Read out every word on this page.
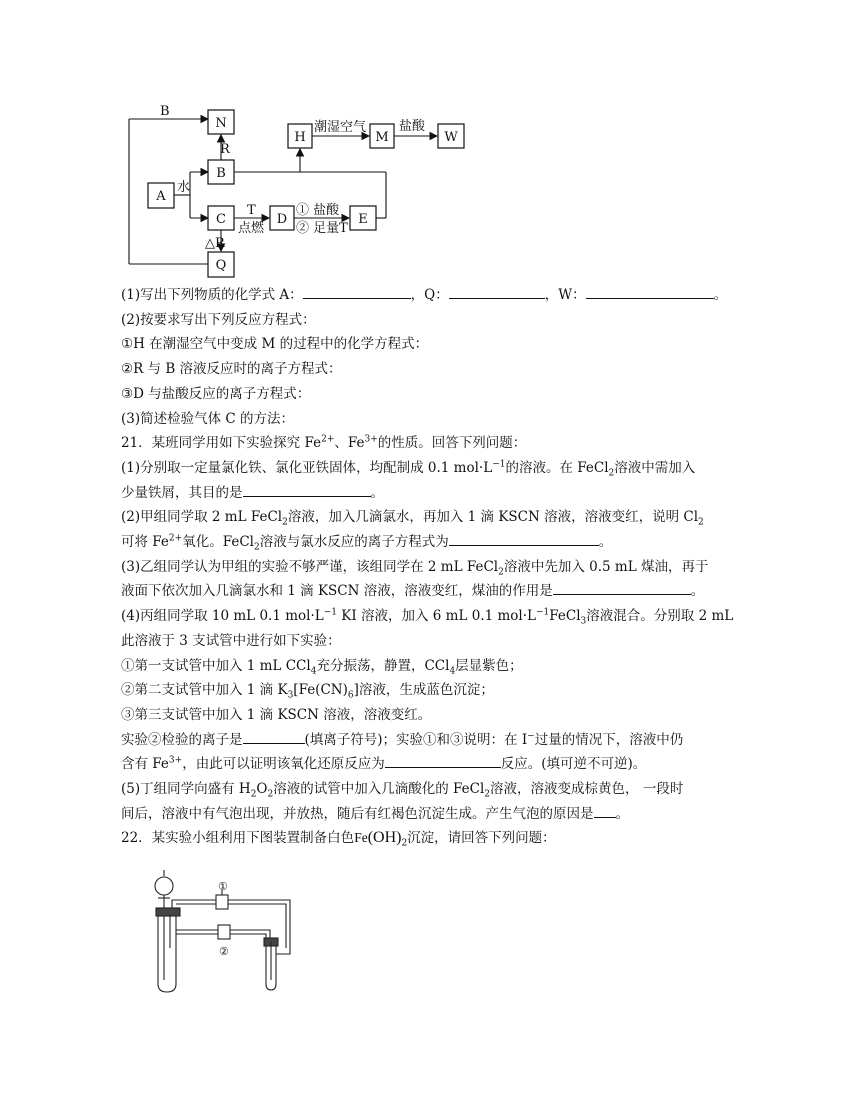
N
B
A
C
Q
H	M	W
D	E
B
R
水
潮湿空气	盐酸
T
点燃
① 盐酸
② 足量T
△R
(1)写出下列物质的化学式 A：	，Q：	，W：	。
(2)按要求写出下列反应方程式：
①H 在潮湿空气中变成 M 的过程中的化学方程式：
②R 与 B 溶液反应时的离子方程式：
③D 与盐酸反应的离子方程式：
(3)简述检验气体 C 的方法：
21．某班同学用如下实验探究 $Fe^{2+}$、$Fe^{3+}$的性质。回答下列问题：
(1)分别取一定量氯化铁、氯化亚铁固体，均配制成 0.1 $mol\cdot L^{-1}$的溶液。在 FeCl$_2$溶液中需加入
少量铁屑，其目的是	。
(2)甲组同学取 2 mL FeCl$_2$溶液，加入几滴氯水，再加入 1 滴 KSCN 溶液，溶液变红，说明 $Cl_2$
可将 $Fe^{2+}$氧化。FeCl$_2$溶液与氯水反应的离子方程式为	。
(3)乙组同学认为甲组的实验不够严谨，该组同学在 2 mL FeCl$_2$溶液中先加入 0.5 mL 煤油，再于
液面下依次加入几滴氯水和 1 滴 KSCN 溶液，溶液变红，煤油的作用是	。
(4)丙组同学取 10 mL 0.1 $mol\cdot L^{-1}$ KI 溶液，加入 6 mL 0.1 $mol\cdot L^{-1}FeCl_3$溶液混合。分别取 2 mL
此溶液于 3 支试管中进行如下实验：
①第一支试管中加入 1 mL CCl$_4$充分振荡，静置，CCl$_4$层显紫色；
②第二支试管中加入 1 滴 $K_3[Fe(CN)_6]$溶液，生成蓝色沉淀；
③第三支试管中加入 1 滴 KSCN 溶液，溶液变红。
实验②检验的离子是	(填离子符号)；实验①和③说明：在 I−过量的情况下，溶液中仍
含有 $Fe^{3+}$，由此可以证明该氧化还原反应为	反应。(填可逆不可逆)。
(5)丁组同学向盛有 $H_2O_2$溶液的试管中加入几滴酸化的 FeCl$_2$溶液，溶液变成棕黄色， 一段时
间后，溶液中有气泡出现，并放热，随后有红褐色沉淀生成。产生气泡的原因是 。
22．某实验小组利用下图装置制备白色$Fe(OH)_2$沉淀，请回答下列问题：
①
②
